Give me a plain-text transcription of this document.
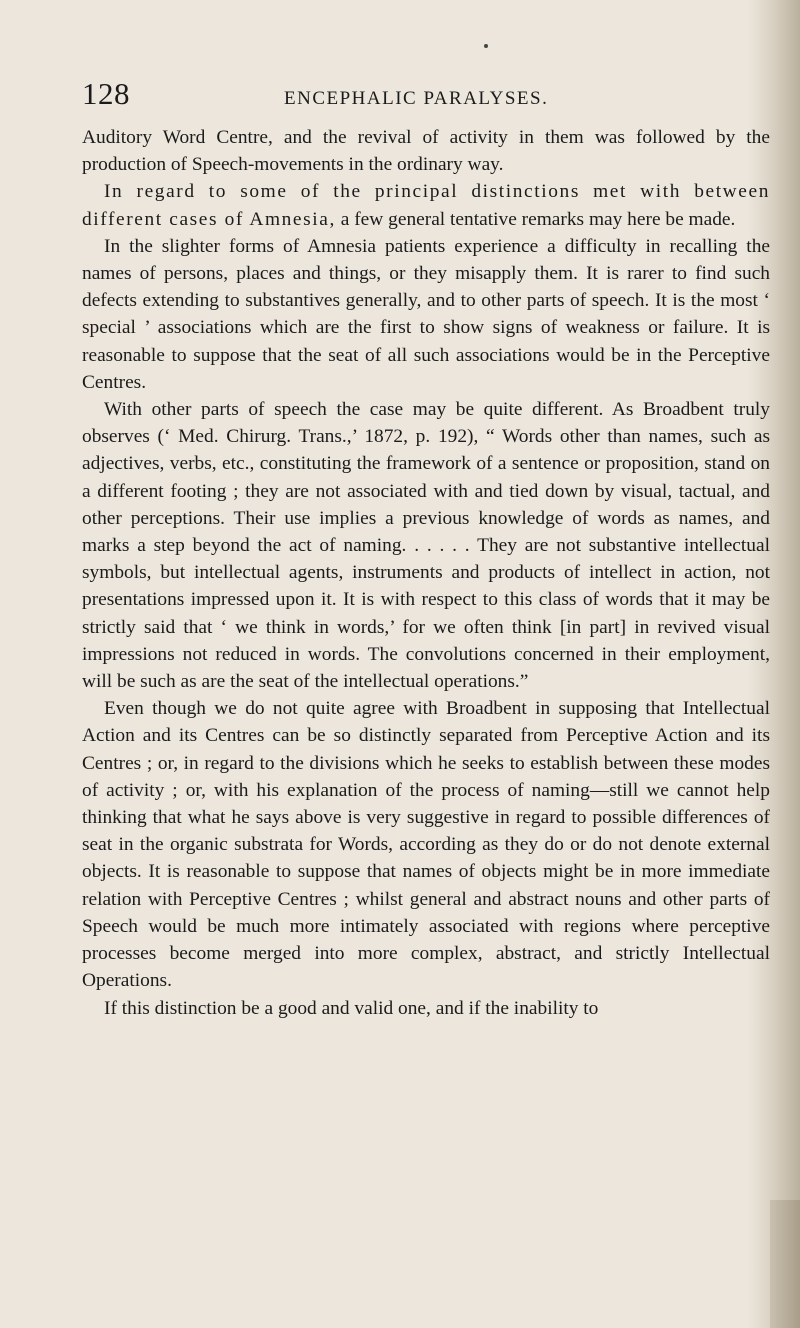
128	ENCEPHALIC PARALYSES.

Auditory Word Centre, and the revival of activity in them was followed by the production of Speech-movements in the ordinary way.

In regard to some of the principal distinctions met with between different cases of Amnesia, a few general tentative remarks may here be made.

In the slighter forms of Amnesia patients experience a difficulty in recalling the names of persons, places and things, or they misapply them. It is rarer to find such defects extending to substantives generally, and to other parts of speech. It is the most ‘ special ’ associations which are the first to show signs of weakness or failure. It is reasonable to suppose that the seat of all such associations would be in the Perceptive Centres.

With other parts of speech the case may be quite different. As Broadbent truly observes (‘ Med. Chirurg. Trans.,’ 1872, p. 192), “ Words other than names, such as adjectives, verbs, etc., constituting the framework of a sentence or proposition, stand on a different footing ; they are not associated with and tied down by visual, tactual, and other perceptions. Their use implies a previous knowledge of words as names, and marks a step beyond the act of naming. . . . . . They are not substantive intellectual symbols, but intellectual agents, instruments and products of intellect in action, not presentations impressed upon it. It is with respect to this class of words that it may be strictly said that ‘ we think in words,’ for we often think [in part] in revived visual impressions not reduced in words. The convolutions concerned in their employment, will be such as are the seat of the intellectual operations.”

Even though we do not quite agree with Broadbent in supposing that Intellectual Action and its Centres can be so distinctly separated from Perceptive Action and its Centres ; or, in regard to the divisions which he seeks to establish between these modes of activity ; or, with his explanation of the process of naming—still we cannot help thinking that what he says above is very suggestive in regard to possible differences of seat in the organic substrata for Words, according as they do or do not denote external objects. It is reasonable to suppose that names of objects might be in more immediate relation with Perceptive Centres ; whilst general and abstract nouns and other parts of Speech would be much more intimately associated with regions where perceptive processes become merged into more complex, abstract, and strictly Intellectual Operations.

If this distinction be a good and valid one, and if the inability to
